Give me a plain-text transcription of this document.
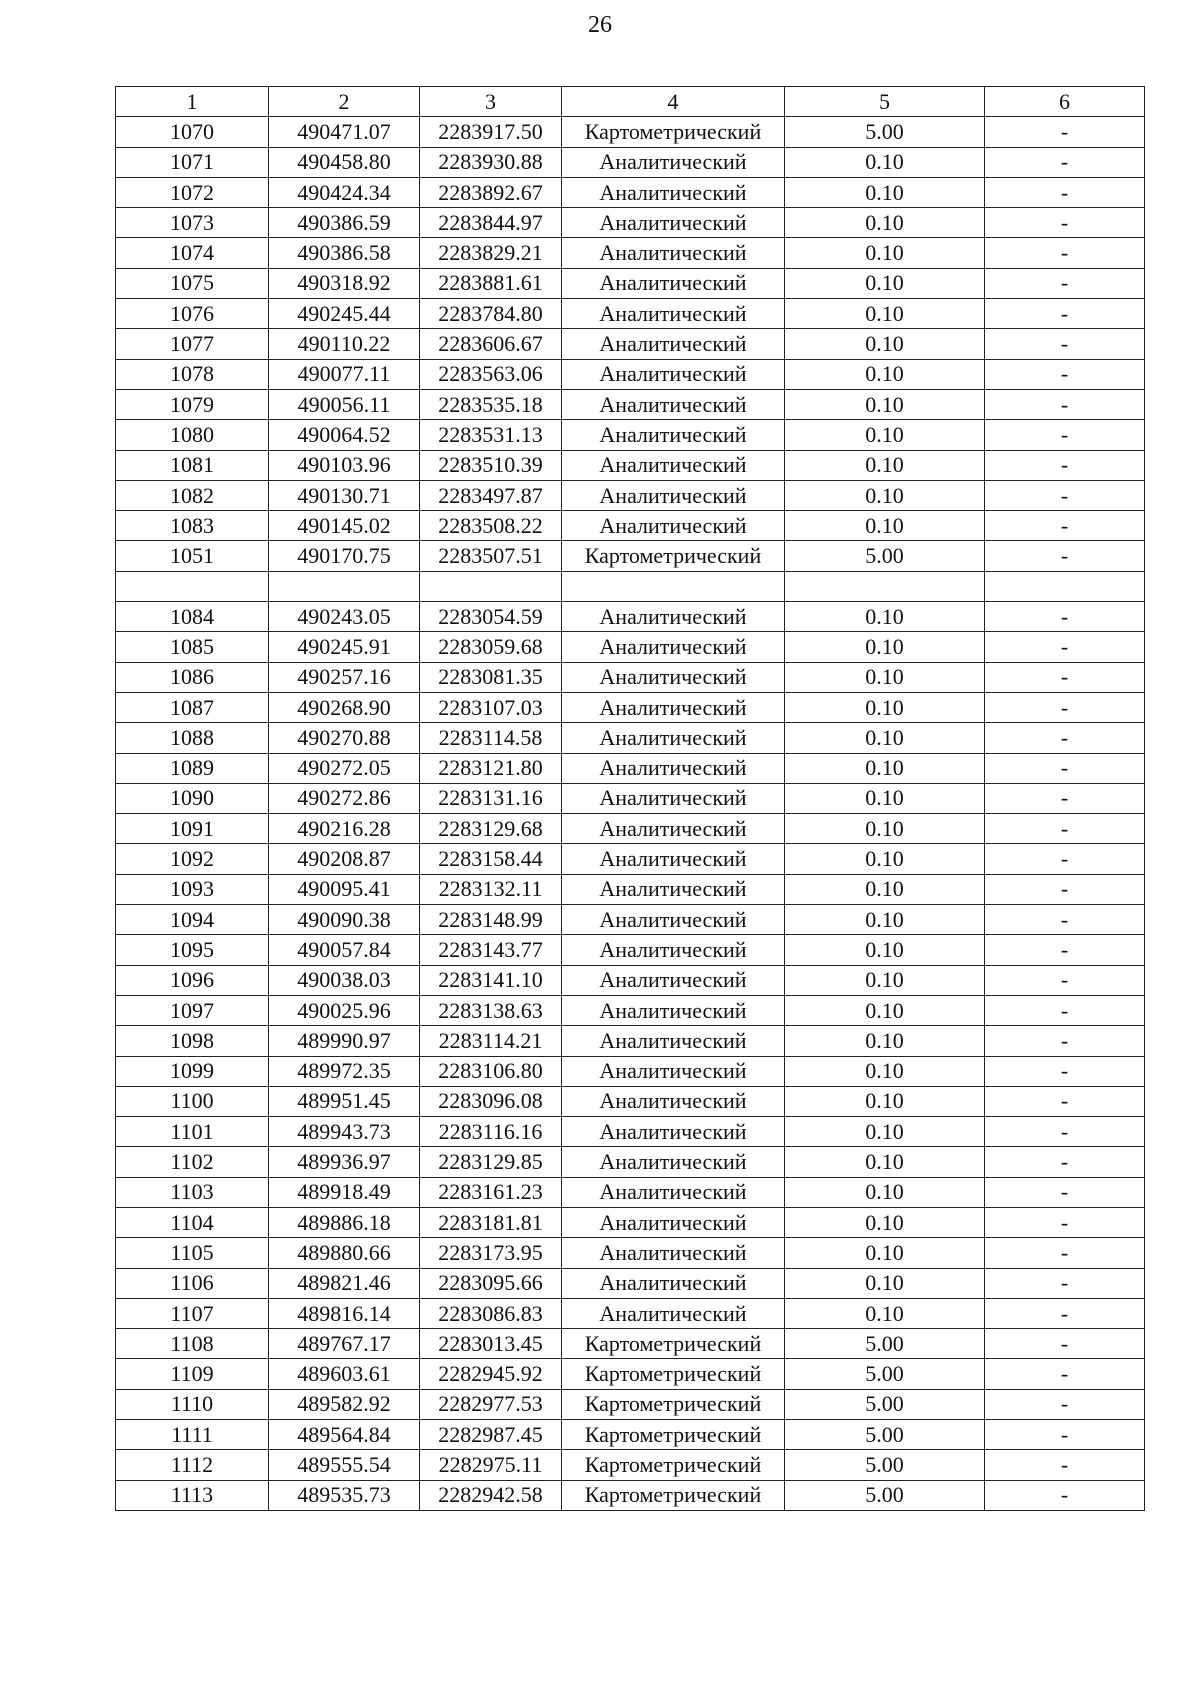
26
1	2	3	4	5	6
1070	490471.07	2283917.50	Картометрический	5.00	-
1071	490458.80	2283930.88	Аналитический	0.10	-
1072	490424.34	2283892.67	Аналитический	0.10	-
1073	490386.59	2283844.97	Аналитический	0.10	-
1074	490386.58	2283829.21	Аналитический	0.10	-
1075	490318.92	2283881.61	Аналитический	0.10	-
1076	490245.44	2283784.80	Аналитический	0.10	-
1077	490110.22	2283606.67	Аналитический	0.10	-
1078	490077.11	2283563.06	Аналитический	0.10	-
1079	490056.11	2283535.18	Аналитический	0.10	-
1080	490064.52	2283531.13	Аналитический	0.10	-
1081	490103.96	2283510.39	Аналитический	0.10	-
1082	490130.71	2283497.87	Аналитический	0.10	-
1083	490145.02	2283508.22	Аналитический	0.10	-
1051	490170.75	2283507.51	Картометрический	5.00	-

1084	490243.05	2283054.59	Аналитический	0.10	-
1085	490245.91	2283059.68	Аналитический	0.10	-
1086	490257.16	2283081.35	Аналитический	0.10	-
1087	490268.90	2283107.03	Аналитический	0.10	-
1088	490270.88	2283114.58	Аналитический	0.10	-
1089	490272.05	2283121.80	Аналитический	0.10	-
1090	490272.86	2283131.16	Аналитический	0.10	-
1091	490216.28	2283129.68	Аналитический	0.10	-
1092	490208.87	2283158.44	Аналитический	0.10	-
1093	490095.41	2283132.11	Аналитический	0.10	-
1094	490090.38	2283148.99	Аналитический	0.10	-
1095	490057.84	2283143.77	Аналитический	0.10	-
1096	490038.03	2283141.10	Аналитический	0.10	-
1097	490025.96	2283138.63	Аналитический	0.10	-
1098	489990.97	2283114.21	Аналитический	0.10	-
1099	489972.35	2283106.80	Аналитический	0.10	-
1100	489951.45	2283096.08	Аналитический	0.10	-
1101	489943.73	2283116.16	Аналитический	0.10	-
1102	489936.97	2283129.85	Аналитический	0.10	-
1103	489918.49	2283161.23	Аналитический	0.10	-
1104	489886.18	2283181.81	Аналитический	0.10	-
1105	489880.66	2283173.95	Аналитический	0.10	-
1106	489821.46	2283095.66	Аналитический	0.10	-
1107	489816.14	2283086.83	Аналитический	0.10	-
1108	489767.17	2283013.45	Картометрический	5.00	-
1109	489603.61	2282945.92	Картометрический	5.00	-
1110	489582.92	2282977.53	Картометрический	5.00	-
1111	489564.84	2282987.45	Картометрический	5.00	-
1112	489555.54	2282975.11	Картометрический	5.00	-
1113	489535.73	2282942.58	Картометрический	5.00	-
